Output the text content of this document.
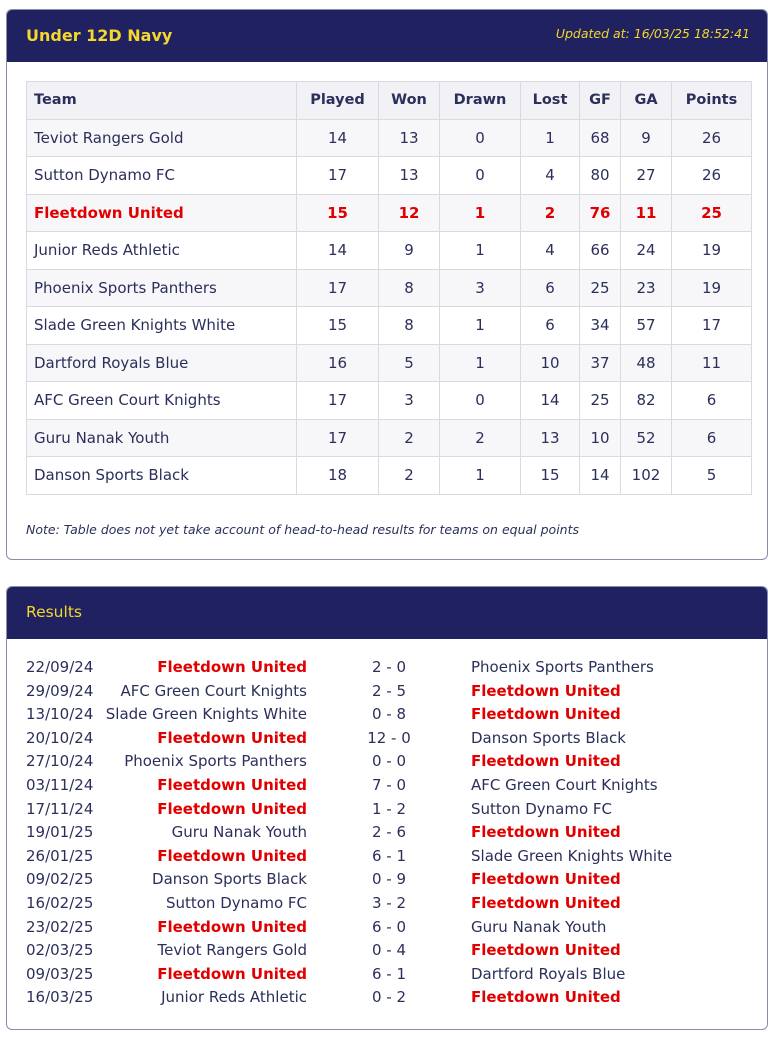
Under 12D Navy	Updated at: 16/03/25 18:52:41
Team	Played	Won	Drawn	Lost	GF	GA	Points
Teviot Rangers Gold	14	13	0	1	68	9	26
Sutton Dynamo FC	17	13	0	4	80	27	26
Fleetdown United	15	12	1	2	76	11	25
Junior Reds Athletic	14	9	1	4	66	24	19
Phoenix Sports Panthers	17	8	3	6	25	23	19
Slade Green Knights White	15	8	1	6	34	57	17
Dartford Royals Blue	16	5	1	10	37	48	11
AFC Green Court Knights	17	3	0	14	25	82	6
Guru Nanak Youth	17	2	2	13	10	52	6
Danson Sports Black	18	2	1	15	14	102	5
Note: Table does not yet take account of head-to-head results for teams on equal points
Results
22/09/24	Fleetdown United	2 - 0	Phoenix Sports Panthers
29/09/24 AFC Green Court Knights	2 - 5	Fleetdown United
13/10/24 Slade Green Knights White	0 - 8	Fleetdown United
20/10/24	Fleetdown United	12 - 0	Danson Sports Black
27/10/24 Phoenix Sports Panthers	0 - 0	Fleetdown United
03/11/24	Fleetdown United	7 - 0	AFC Green Court Knights
17/11/24	Fleetdown United	1 - 2	Sutton Dynamo FC
19/01/25	Guru Nanak Youth	2 - 6	Fleetdown United
26/01/25	Fleetdown United	6 - 1	Slade Green Knights White
09/02/25	Danson Sports Black	0 - 9	Fleetdown United
16/02/25	Sutton Dynamo FC	3 - 2	Fleetdown United
23/02/25	Fleetdown United	6 - 0	Guru Nanak Youth
02/03/25	Teviot Rangers Gold	0 - 4	Fleetdown United
09/03/25	Fleetdown United	6 - 1	Dartford Royals Blue
16/03/25	Junior Reds Athletic	0 - 2	Fleetdown United
